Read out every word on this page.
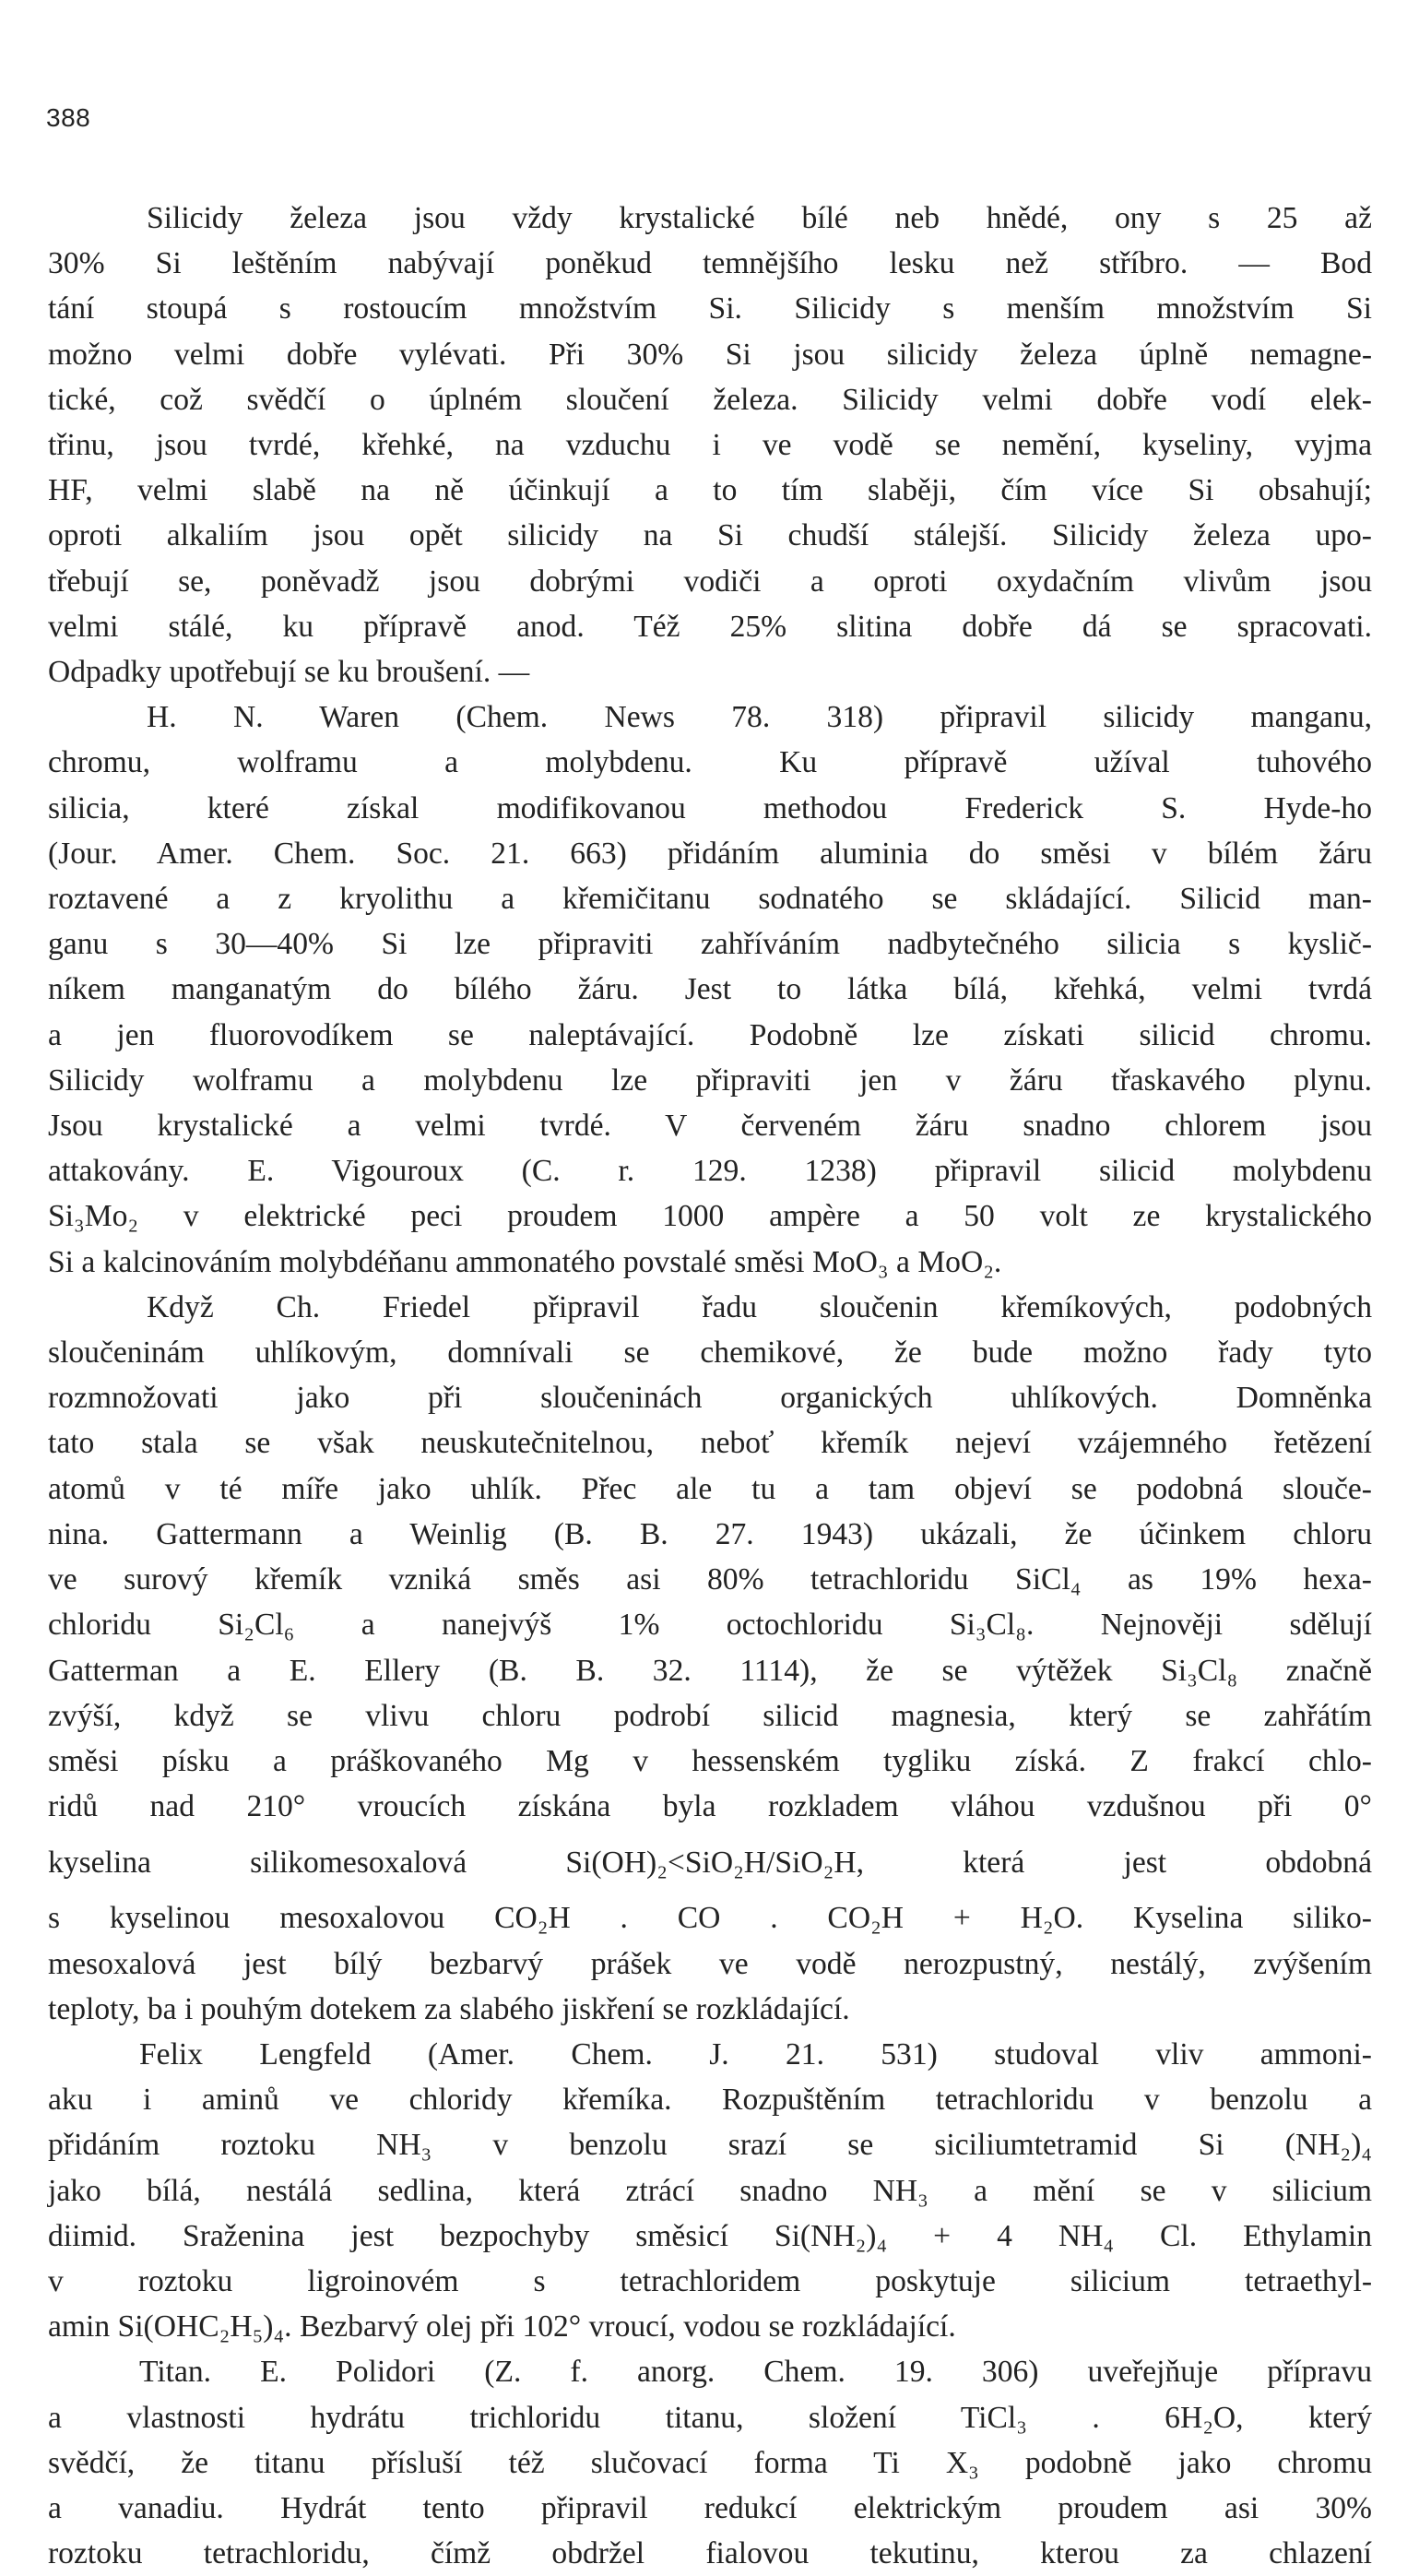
388

Silicidy železa jsou vždy krystalické bílé neb hnědé, ony s 25 až

30% Si leštěním nabývají poněkud temnějšího lesku než stříbro. — Bod

tání stoupá s rostoucím množstvím Si. Silicidy s menším množstvím Si

možno velmi dobře vylévati. Při 30% Si jsou silicidy železa úplně nemagne-

tické, což svědčí o úplném sloučení železa. Silicidy velmi dobře vodí elek-

třinu, jsou tvrdé, křehké, na vzduchu i ve vodě se nemění, kyseliny, vyjma

HF, velmi slabě na ně účinkují a to tím slaběji, čím více Si obsahují;

oproti alkaliím jsou opět silicidy na Si chudší stálejší. Silicidy železa upo-

třebují se, poněvadž jsou dobrými vodiči a oproti oxydačním vlivům jsou

velmi stálé, ku přípravě anod. Též 25% slitina dobře dá se spracovati.

Odpadky upotřebují se ku broušení. —

H. N. Waren (Chem. News 78. 318) připravil silicidy manganu,

chromu, wolframu a molybdenu. Ku přípravě užíval tuhového

silicia, které získal modifikovanou methodou Frederick S. Hyde-ho

(Jour. Amer. Chem. Soc. 21. 663) přidáním aluminia do směsi v bílém žáru

roztavené a z kryolithu a křemičitanu sodnatého se skládající. Silicid man-

ganu s 30—40% Si lze připraviti zahříváním nadbytečného silicia s kyslič-

níkem manganatým do bílého žáru. Jest to látka bílá, křehká, velmi tvrdá

a jen fluorovodíkem se naleptávající. Podobně lze získati silicid chromu.

Silicidy wolframu a molybdenu lze připraviti jen v žáru třaskavého plynu.

Jsou krystalické a velmi tvrdé. V červeném žáru snadno chlorem jsou

attakovány. E. Vigouroux (C. r. 129. 1238) připravil silicid molybdenu

Si₃Mo₂ v elektrické peci proudem 1000 ampère a 50 volt ze krystalického

Si a kalcinováním molybdéňanu ammonatého povstalé směsi MoO₃ a MoO₂.

Když Ch. Friedel připravil řadu sloučenin křemíkových, podobných

sloučeninám uhlíkovým, domnívali se chemikové, že bude možno řady tyto

rozmnožovati jako při sloučeninách organických uhlíkových. Domněnka

tato stala se však neuskutečnitelnou, neboť křemík nejeví vzájemného řetězení

atomů v té míře jako uhlík. Přec ale tu a tam objeví se podobná slouče-

nina. Gattermann a Weinlig (B. B. 27. 1943) ukázali, že účinkem chloru

ve surový křemík vzniká směs asi 80% tetrachloridu SiCl₄ as 19% hexa-

chloridu Si₂Cl₆ a nanejvýš 1% octochloridu Si₃Cl₈. Nejnověji sdělují

Gatterman a E. Ellery (B. B. 32. 1114), že se výtěžek Si₃Cl₈ značně

zvýší, když se vlivu chloru podrobí silicid magnesia, který se zahřátím

směsi písku a práškovaného Mg v hessenském tygliku získá. Z frakcí chlo-

ridů nad 210° vroucích získána byla rozkladem vláhou vzdušnou při 0°

kyselina silikomesoxalová Si(OH)₂<SiO₂H/SiO₂H, která jest obdobná

s kyselinou mesoxalovou CO₂H . CO . CO₂H + H₂O. Kyselina siliko-

mesoxalová jest bílý bezbarvý prášek ve vodě nerozpustný, nestálý, zvýšením

teploty, ba i pouhým dotekem za slabého jiskření se rozkládající.

Felix Lengfeld (Amer. Chem. J. 21. 531) studoval vliv ammoni-

aku i aminů ve chloridy křemíka. Rozpuštěním tetrachloridu v benzolu a

přidáním roztoku NH₃ v benzolu srazí se siciliumtetramid Si (NH₂)₄

jako bílá, nestálá sedlina, která ztrácí snadno NH₃ a mění se v silicium

diimid. Sraženina jest bezpochyby směsicí Si(NH₂)₄ + 4 NH₄ Cl. Ethylamin

v roztoku ligroinovém s tetrachloridem poskytuje silicium tetraethyl-

amin Si(OHC₂H₅)₄. Bezbarvý olej při 102° vroucí, vodou se rozkládající.

Titan. E. Polidori (Z. f. anorg. Chem. 19. 306) uveřejňuje přípravu

a vlastnosti hydrátu trichloridu titanu, složení TiCl₃ . 6H₂O, který

svědčí, že titanu přísluší též slučovací forma Ti X₃ podobně jako chromu

a vanadiu. Hydrát tento připravil redukcí elektrickým proudem asi 30%

roztoku tetrachloridu, čímž obdržel fialovou tekutinu, kterou za chlazení
